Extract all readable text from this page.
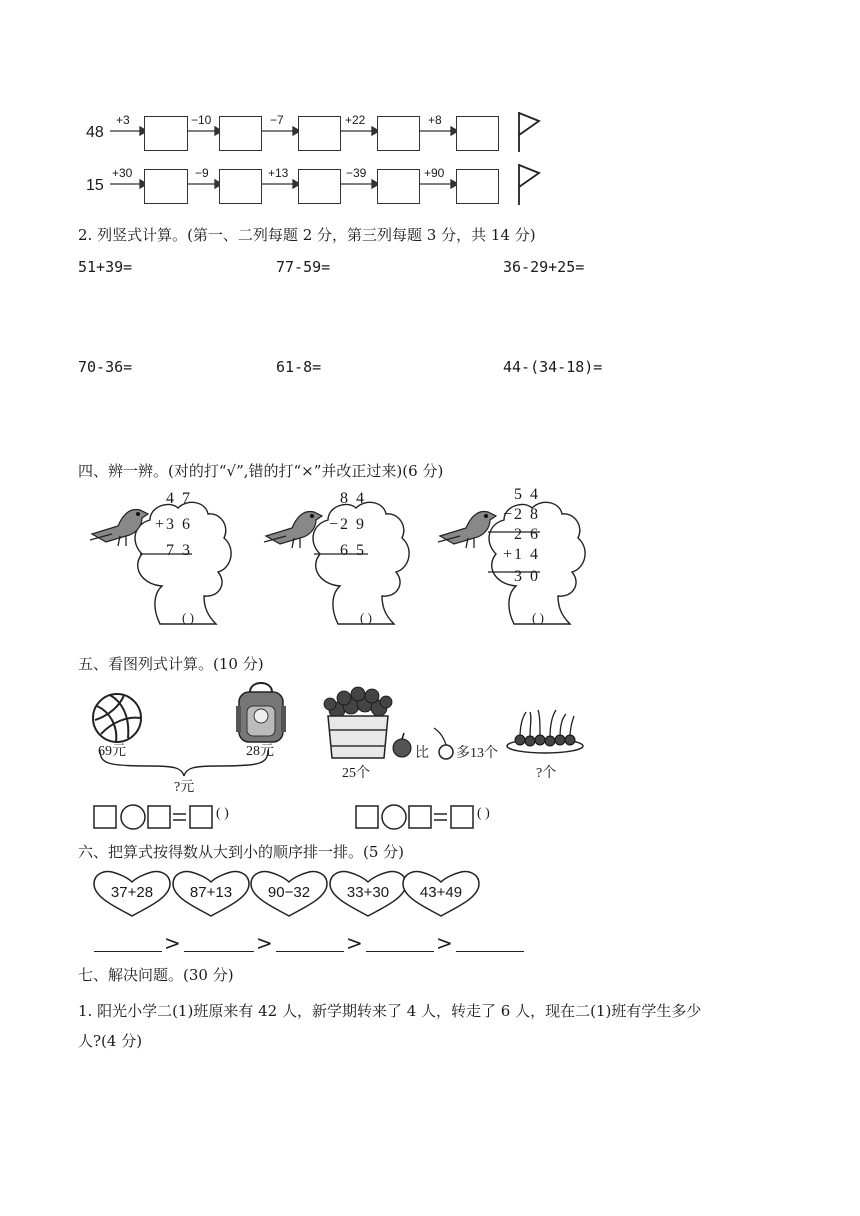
48
+3	−10	−7	+22	+8
15
+30	−9	+13	−39	+90
2. 列竖式计算。(第一、二列每题 2 分，第三列每题 3 分，共 14 分)
51+39=	77-59=	36-29+25=
70-36=	61-8=	44-(34-18)=
四、辨一辨。(对的打“√”,错的打“×”并改正过来)(6 分)
4 7
+3 6
7 3
( )
8 4
−2 9
6 5
( )
5 4
−2 8
2 6
+1 4
3 0
( )
五、看图列式计算。(10 分)
69元	28元
?元
25个
比 多13个
?个
( )	( )
六、把算式按得数从大到小的顺序排一排。(5 分)
37+28	87+13	90−32	33+30	43+49
>	>	>	>
七、解决问题。(30 分)
1. 阳光小学二(1)班原来有 42 人，新学期转来了 4 人，转走了 6 人，现在二(1)班有学生多少
人?(4 分)
